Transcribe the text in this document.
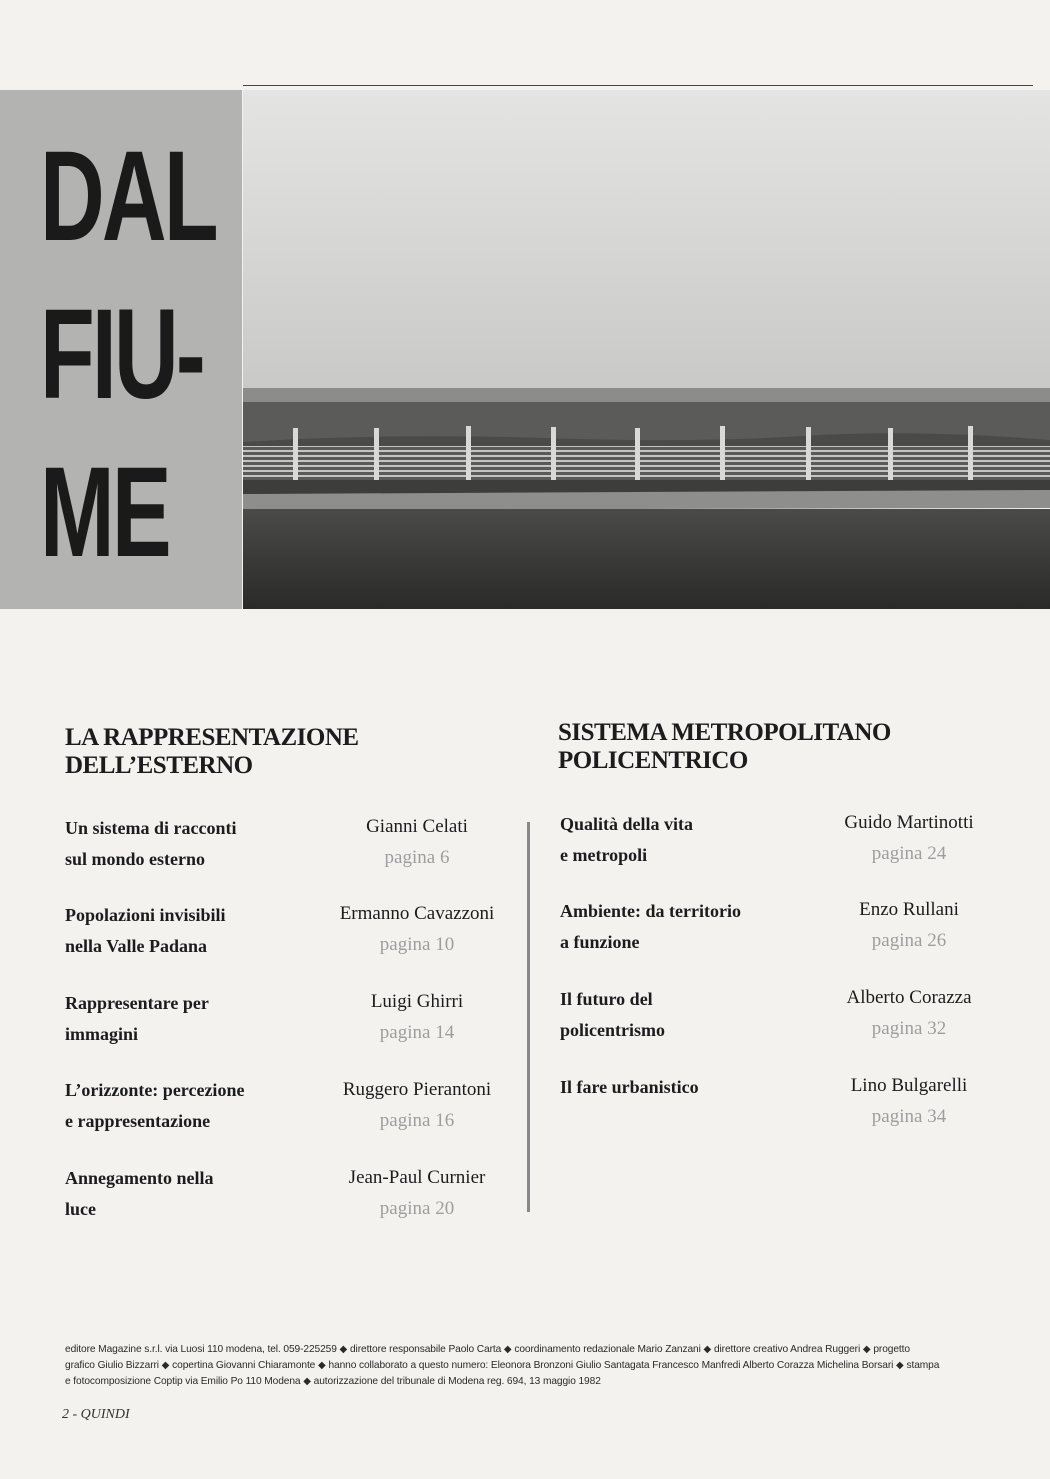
DAL
FIU-
ME
LA RAPPRESENTAZIONE
DELL’ESTERNO
SISTEMA METROPOLITANO
POLICENTRICO

Un sistema di racconti
sul mondo esterno

Gianni Celati
pagina 6

Popolazioni invisibili
nella Valle Padana

Ermanno Cavazzoni
pagina 10

Rappresentare per
immagini

Luigi Ghirri
pagina 14

L’orizzonte: percezione
e rappresentazione

Ruggero Pierantoni
pagina 16

Annegamento nella
luce

Jean-Paul Curnier
pagina 20

Qualità della vita
e metropoli

Guido Martinotti
pagina 24

Ambiente: da territorio
a funzione

Enzo Rullani
pagina 26

Il futuro del
policentrismo

Alberto Corazza
pagina 32

Il fare urbanistico	Lino Bulgarelli
pagina 34
editore Magazine s.r.l. via Luosi 110 modena, tel. 059-225259 ◆ direttore responsabile Paolo Carta ◆ coordinamento redazionale Mario Zanzani ◆ direttore creativo Andrea Ruggeri ◆ progetto
grafico Giulio Bizzarri ◆ copertina Giovanni Chiaramonte ◆ hanno collaborato a questo numero: Eleonora Bronzoni Giulio Santagata Francesco Manfredi Alberto Corazza Michelina Borsari ◆ stampa
e fotocomposizione Coptip via Emilio Po 110 Modena ◆ autorizzazione del tribunale di Modena reg. 694, 13 maggio 1982
2 - QUINDI
